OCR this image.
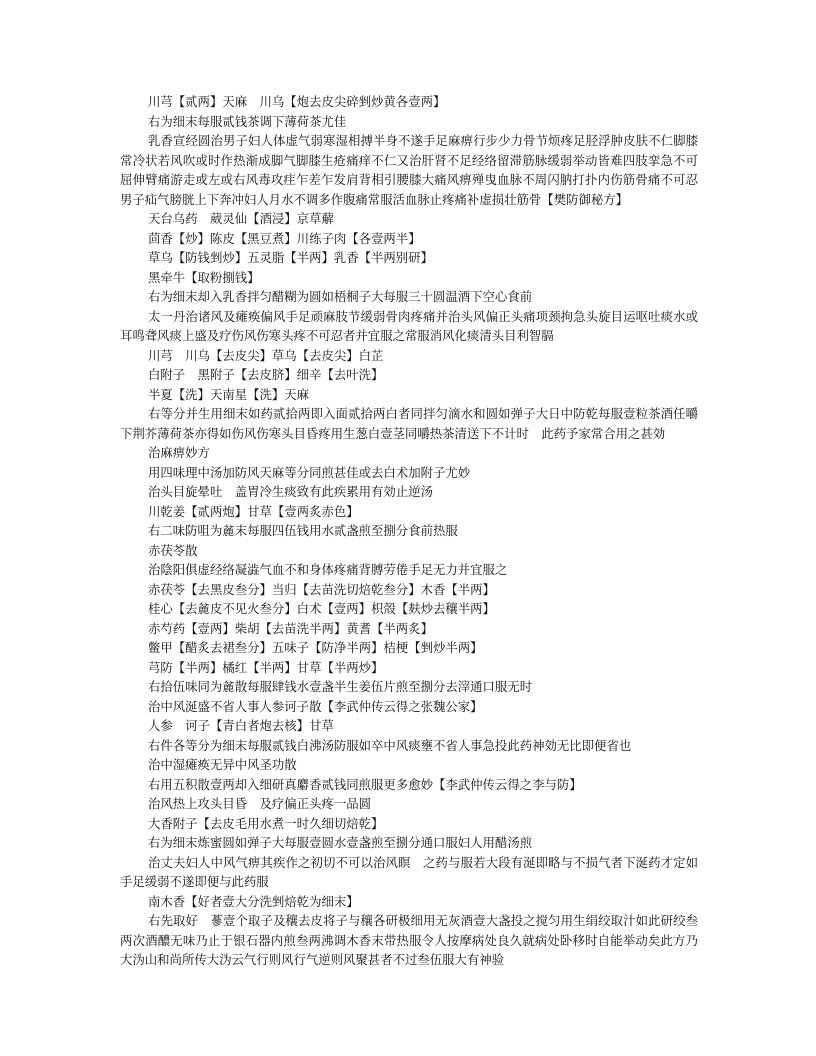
川芎【贰两】天麻　川乌【炮去皮尖碎剉炒黄各壹两】

右为细末每服贰钱茶调下薄荷茶尤佳

乳香宣经圆治男子妇人体虚气弱寒湿相搏半身不遂手足麻痹行步少力骨节烦疼足胫浮肿皮肤不仁脚膝常冷状若风吹或时作热渐成脚气脚膝生疮痛痒不仁又治肝肾不足经络留滞筋脉缓弱举动皆难四肢挛急不可屈伸臂痛游走或左或右风毒攻疰乍差乍发肩背相引腰膝大痛风痹殚曳血脉不周闪肭打扑内伤筋骨痛不可忍男子疝气膀胱上下奔冲妇人月水不调多作腹痛常服活血脉止疼痛补虚损壮筋骨【樊防御秘方】

天台乌药　葳灵仙【酒浸】京草薢

茴香【炒】陈皮【黑豆煮】川练子肉【各壹两半】

草乌【防钱剉炒】五灵脂【半两】乳香【半两别研】

黑牵牛【取粉捌钱】

右为细末却入乳香拌匀醋糊为圆如梧桐子大每服三十圆温酒下空心食前

太一丹治诸风及瘫痪偏风手足顽麻肢节缓弱骨肉疼痛并治头风偏正头痛项颈拘急头旋目运呕吐痰水或耳鸣聋风痰上盛及疗伤风伤寒头疼不可忍者并宜服之常服消风化痰清头目利智膈

川芎　川乌【去皮尖】草乌【去皮尖】白芷

白附子　黑附子【去皮脐】细辛【去叶洗】

半夏【洗】天南星【洗】天麻

右等分并生用细末如药贰拾两即入面贰拾两白者同拌匀滴水和圆如弹子大日中防乾每服壹粒茶酒任嚼下荆芥薄荷茶亦得如伤风伤寒头目昏疼用生葱白壹茎同嚼热茶清送下不计时　此药予家常合用之甚効

治麻痹妙方

用四味理中汤加防风天麻等分同煎甚佳或去白术加附子尤妙

治头目旋晕吐　盖胃冷生痰致有此疾累用有効止逆汤

川乾姜【贰两炮】甘草【壹两炙赤色】

右二味防咀为麄末每服四伍钱用水贰盏煎至捌分食前热服

赤茯苓散

治陰阳俱虚经络凝澁气血不和身体疼痛背膊劳倦手足无力并宜服之

赤茯苓【去黑皮叁分】当归【去苗洗切焙乾叁分】木香【半两】

桂心【去麄皮不见火叁分】白术【壹两】枳殼【麸炒去穰半两】

赤芍药【壹两】柴胡【去苗洗半两】黄耆【半两炙】

鳖甲【醋炙去裙叁分】五味子【防净半两】桔梗【剉炒半两】

芎防【半两】橘红【半两】甘草【半两炒】

右拾伍味同为麄散每服肆钱水壹盏半生姜伍片煎至捌分去滓通口服无时

治中风涎盛不省人事人参诃子散【李武仲传云得之张魏公家】

人参　诃子【青白者炮去核】甘草

右件各等分为细末每服贰钱白沸汤防服如卒中风痰壅不省人事急投此药神効无比即便省也

治中湿瘫痪无异中风圣功散

右用五积散壹两却入细研真麝香贰钱同煎服更多愈妙【李武仲传云得之李与防】

治风热上攻头目昏　及疗偏正头疼一品圆

大香附子【去皮毛用水煮一时久细切焙乾】

右为细末炼蜜圆如弹子大每服壹圆水壹盏煎至捌分通口服妇人用醋汤煎

治丈夫妇人中风气痹其疾作之初切不可以治风瞑　之药与服若大段有涎即略与不损气者下涎药才定如手足缓弱不遂即便与此药服

南木香【好者壹大分洗剉焙乾为细末】

右先取好　蔘壹个取子及穰去皮将子与穰各研极细用无灰酒壹大盏投之搅匀用生绢绞取汁如此研绞叁两次酒醲无味乃止于银石器内煎叁两沸调木香末带热服令人按摩病处良久就病处卧移时自能举动矣此方乃大沩山和尚所传大沩云气行则风行气逆则风聚甚者不过叁伍服大有神验
